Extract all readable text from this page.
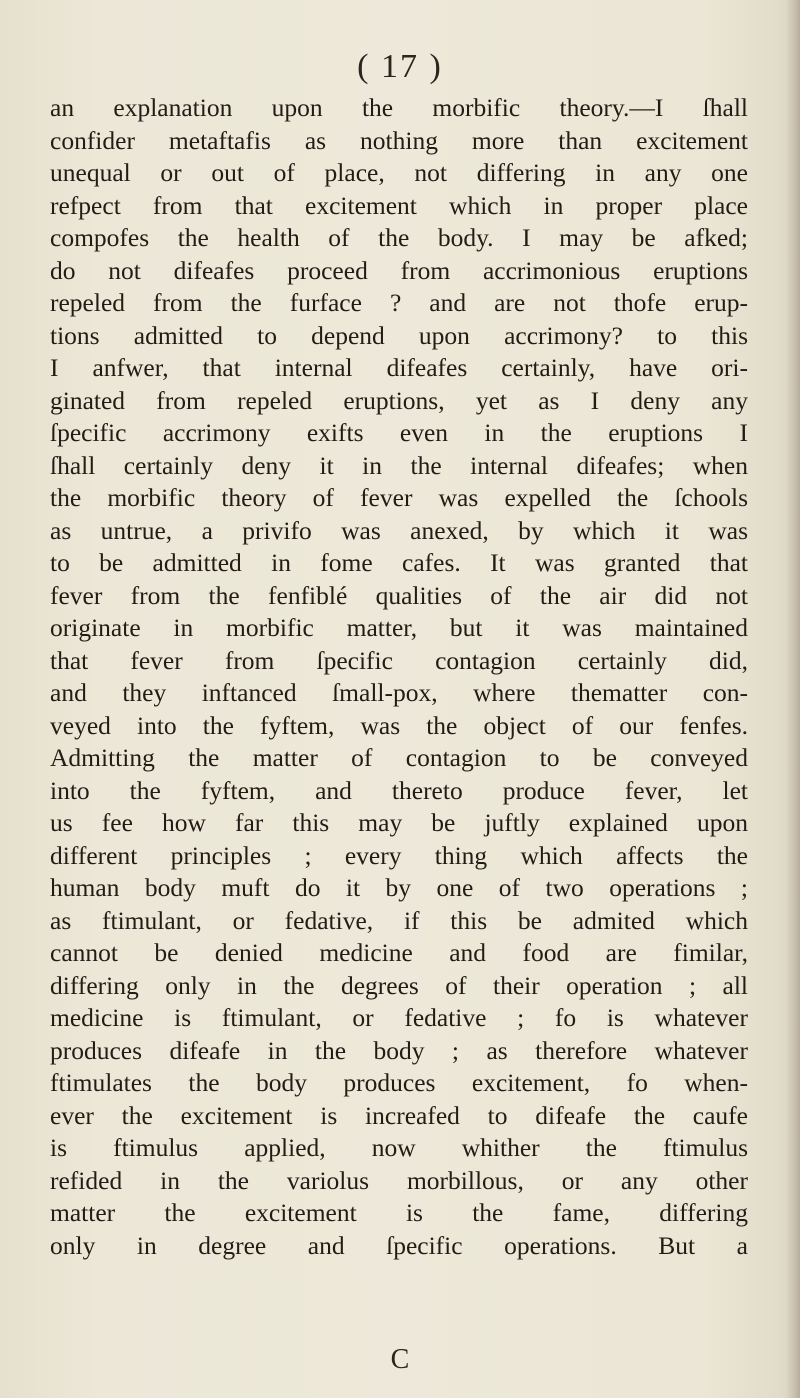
( 17 )
an explanation upon the morbific theory.—I ſhall
confider metaftafis as nothing more than excitement
unequal or out of place, not differing in any one
refpect from that excitement which in proper place
compofes the health of the body. I may be afked;
do not difeafes proceed from accrimonious eruptions
repeled from the furface ? and are not thofe erup-
tions admitted to depend upon accrimony? to this
I anfwer, that internal difeafes certainly, have ori-
ginated from repeled eruptions, yet as I deny any
ſpecific accrimony exifts even in the eruptions I
ſhall certainly deny it in the internal difeafes; when
the morbific theory of fever was expelled the ſchools
as untrue, a privifo was anexed, by which it was
to be admitted in fome cafes. It was granted that
fever from the fenfiblé qualities of the air did not
originate in morbific matter, but it was maintained
that fever from ſpecific contagion certainly did,
and they inftanced ſmall-pox, where thematter con-
veyed into the fyftem, was the object of our fenfes.
Admitting the matter of contagion to be conveyed
into the fyftem, and thereto produce fever, let
us fee how far this may be juftly explained upon
different principles ; every thing which affects the
human body muft do it by one of two operations ;
as ftimulant, or fedative, if this be admited which
cannot be denied medicine and food are fimilar,
differing only in the degrees of their operation ; all
medicine is ftimulant, or fedative ; fo is whatever
produces difeafe in the body ; as therefore whatever
ftimulates the body produces excitement, fo when-
ever the excitement is increafed to difeafe the caufe
is ftimulus applied, now whither the ftimulus
refided in the variolus morbillous, or any other
matter the excitement is the fame, differing
only in degree and ſpecific operations. But a
C
